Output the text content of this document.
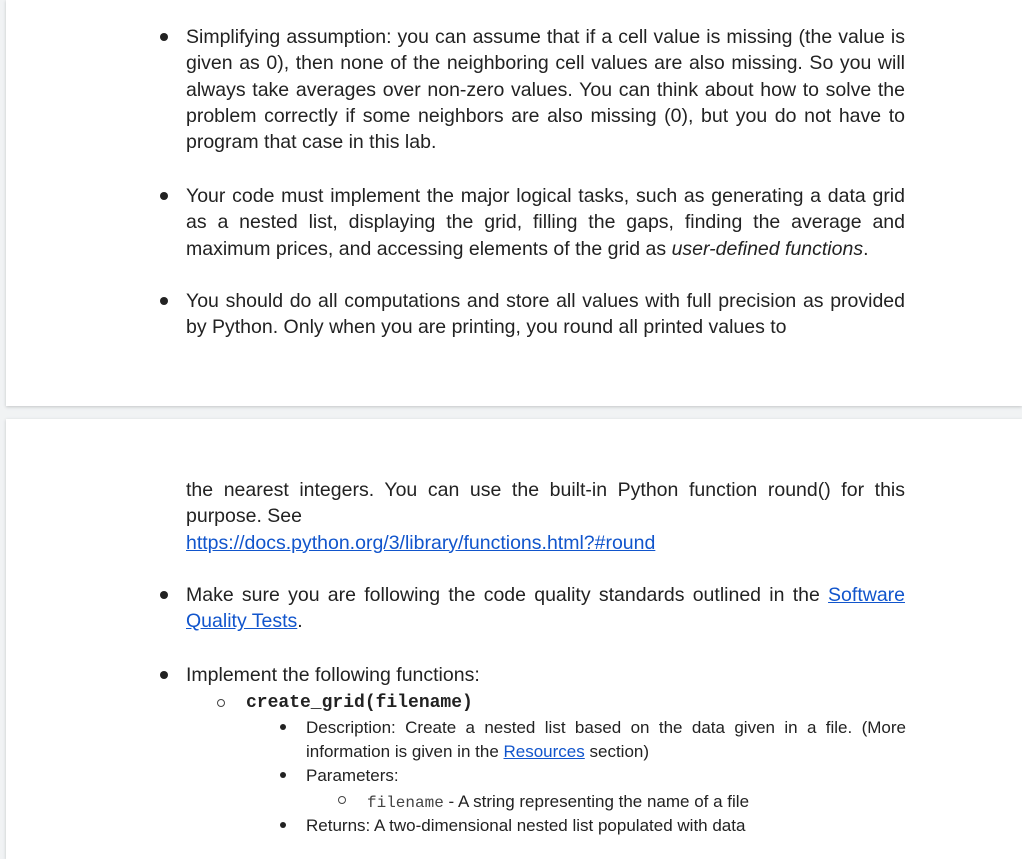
Simplifying assumption: you can assume that if a cell value is missing (the value is given as 0), then none of the neighboring cell values are also missing. So you will always take averages over non-zero values. You can think about how to solve the problem correctly if some neighbors are also missing (0), but you do not have to program that case in this lab.
Your code must implement the major logical tasks, such as generating a data grid as a nested list, displaying the grid, filling the gaps, finding the average and maximum prices, and accessing elements of the grid as user-defined functions.
You should do all computations and store all values with full precision as provided by Python. Only when you are printing, you round all printed values to
the nearest integers. You can use the built-in Python function round() for this purpose. See
https://docs.python.org/3/library/functions.html?#round
Make sure you are following the code quality standards outlined in the Software Quality Tests.
Implement the following functions:
create_grid(filename)
Description: Create a nested list based on the data given in a file. (More information is given in the Resources section)
Parameters:
filename - A string representing the name of a file
Returns: A two-dimensional nested list populated with data
